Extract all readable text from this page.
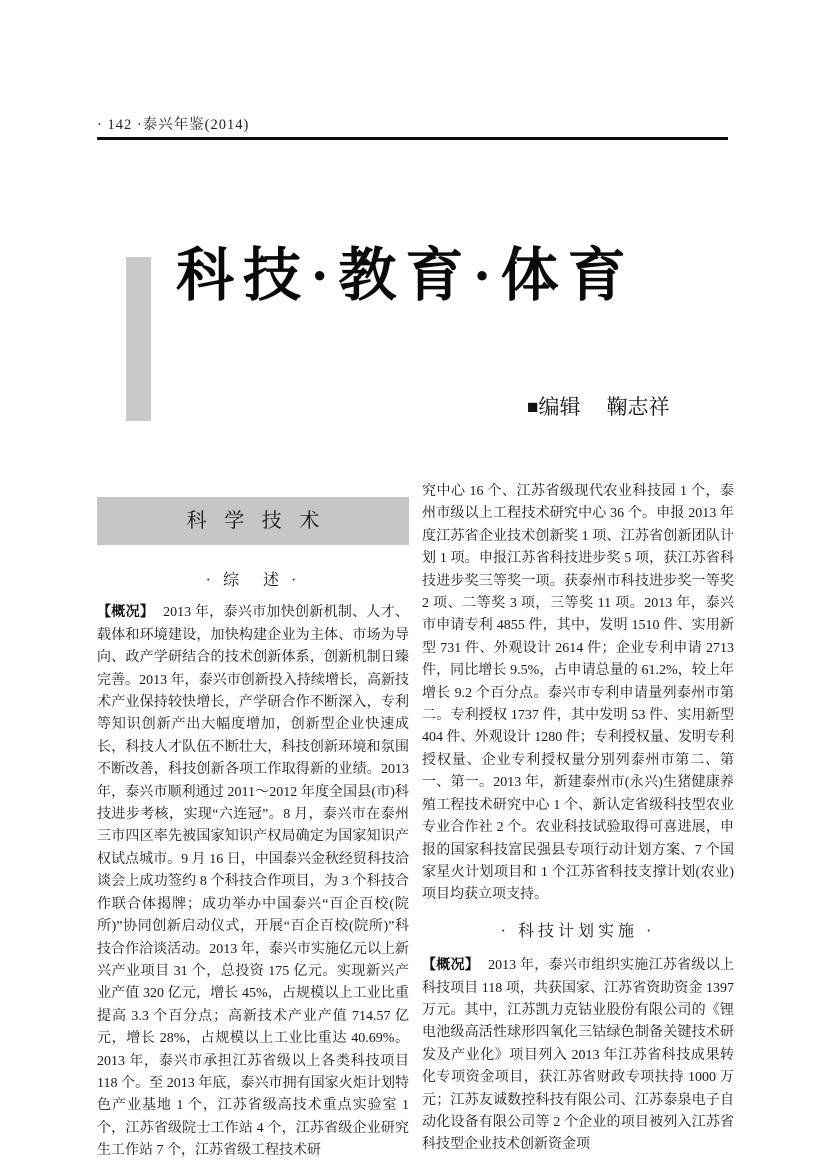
· 142 ·泰兴年鉴(2014)
科技·教育·体育
■编辑 鞠志祥
科 学 技 术
· 综　述 ·
【概况】 2013 年，泰兴市加快创新机制、人才、载体和环境建设，加快构建企业为主体、市场为导向、政产学研结合的技术创新体系，创新机制日臻完善。2013 年，泰兴市创新投入持续增长，高新技术产业保持较快增长，产学研合作不断深入，专利等知识创新产出大幅度增加，创新型企业快速成长，科技人才队伍不断壮大，科技创新环境和氛围不断改善，科技创新各项工作取得新的业绩。2013 年，泰兴市顺利通过 2011～2012 年度全国县(市)科技进步考核，实现“六连冠”。8 月，泰兴市在泰州三市四区率先被国家知识产权局确定为国家知识产权试点城市。9 月 16 日，中国泰兴金秋经贸科技洽谈会上成功签约 8 个科技合作项目，为 3 个科技合作联合体揭牌；成功举办中国泰兴“百企百校(院所)”协同创新启动仪式，开展“百企百校(院所)”科技合作洽谈活动。2013 年，泰兴市实施亿元以上新兴产业项目 31 个，总投资 175 亿元。实现新兴产业产值 320 亿元，增长 45%，占规模以上工业比重提高 3.3 个百分点；高新技术产业产值 714.57 亿元，增长 28%，占规模以上工业比重达 40.69%。2013 年，泰兴市承担江苏省级以上各类科技项目 118 个。至 2013 年底，泰兴市拥有国家火炬计划特色产业基地 1 个，江苏省级高技术重点实验室 1 个，江苏省级院士工作站 4 个，江苏省级企业研究生工作站 7 个，江苏省级工程技术研
究中心 16 个、江苏省级现代农业科技园 1 个，泰州市级以上工程技术研究中心 36 个。申报 2013 年度江苏省企业技术创新奖 1 项、江苏省创新团队计划 1 项。申报江苏省科技进步奖 5 项，获江苏省科技进步奖三等奖一项。获泰州市科技进步奖一等奖 2 项、二等奖 3 项，三等奖 11 项。2013 年，泰兴市申请专利 4855 件，其中，发明 1510 件、实用新型 731 件、外观设计 2614 件；企业专利申请 2713 件，同比增长 9.5%，占申请总量的 61.2%，较上年增长 9.2 个百分点。泰兴市专利申请量列泰州市第二。专利授权 1737 件，其中发明 53 件、实用新型 404 件、外观设计 1280 件；专利授权量、发明专利授权量、企业专利授权量分别列泰州市第二、第一、第一。2013 年，新建泰州市(永兴)生猪健康养殖工程技术研究中心 1 个、新认定省级科技型农业专业合作社 2 个。农业科技试验取得可喜进展，申报的国家科技富民强县专项行动计划方案、7 个国家星火计划项目和 1 个江苏省科技支撑计划(农业)项目均获立项支持。
· 科技计划实施 ·
【概况】 2013 年，泰兴市组织实施江苏省级以上科技项目 118 项，共获国家、江苏省资助资金 1397 万元。其中，江苏凯力克钴业股份有限公司的《锂电池级高活性球形四氧化三钴绿色制备关键技术研发及产业化》项目列入 2013 年江苏省科技成果转化专项资金项目，获江苏省财政专项扶持 1000 万元；江苏友诚数控科技有限公司、江苏泰泉电子自动化设备有限公司等 2 个企业的项目被列入江苏省科技型企业技术创新资金项
